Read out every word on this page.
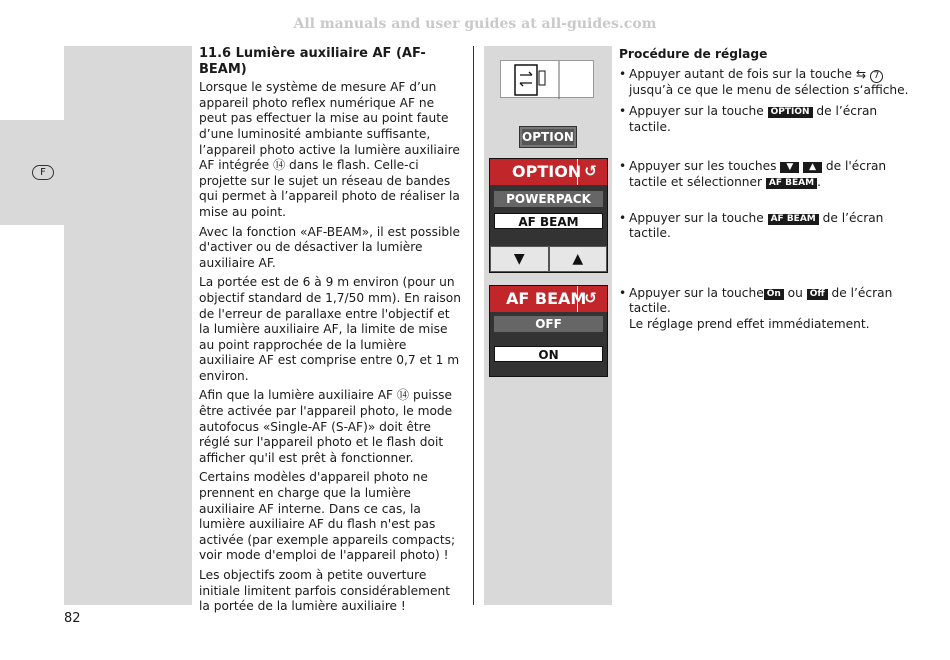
All manuals and user guides at all-guides.com
F
11.6 Lumière auxiliaire AF (AF-BEAM)

Lorsque le système de mesure AF d’un appareil photo reflex numérique AF ne peut pas effectuer la mise au point faute d’une luminosité ambiante suffisante, l’appareil photo active la lumière auxiliaire AF intégrée ⑭ dans le flash. Celle-ci projette sur le sujet un réseau de bandes qui permet à l’appareil photo de réaliser la mise au point.

Avec la fonction «AF-BEAM», il est possible d'activer ou de désactiver la lumière auxiliaire AF.

La portée est de 6 à 9 m environ (pour un objectif standard de 1,7/50 mm). En raison de l'erreur de parallaxe entre l'objectif et la lumière auxiliaire AF, la limite de mise au point rapprochée de la lumière auxiliaire AF est comprise entre 0,7 et 1 m environ.

Afin que la lumière auxiliaire AF ⑭ puisse être activée par l'appareil photo, le mode autofocus «Single-AF (S-AF)» doit être réglé sur l'appareil photo et le flash doit afficher qu'il est prêt à fonctionner.

Certains modèles d'appareil photo ne prennent en charge que la lumière auxiliaire AF interne. Dans ce cas, la lumière auxiliaire AF du flash n'est pas activée (par exemple appareils compacts; voir mode d'emploi de l'appareil photo) !

Les objectifs zoom à petite ouverture initiale limitent parfois considérablement la portée de la lumière auxiliaire !

OPTION
OPTION ↺
POWERPACK
AF BEAM
▼	▲
AF BEAM
↺
OFF
ON
Procédure de réglage
• Appuyer autant de fois sur la touche ⇆ 7 jusqu’à ce que le menu de sélection s‘affiche.
• Appuyer sur la touche OPTION de l’écran tactile.
• Appuyer sur les touches ▼ ▲ de l'écran tactile et sélectionner AF BEAM .
• Appuyer sur la touche AF BEAM de l’écran tactile.
• Appuyer sur la touche On ou Off de l’écran tactile.
Le réglage prend effet immédiatement.
82
